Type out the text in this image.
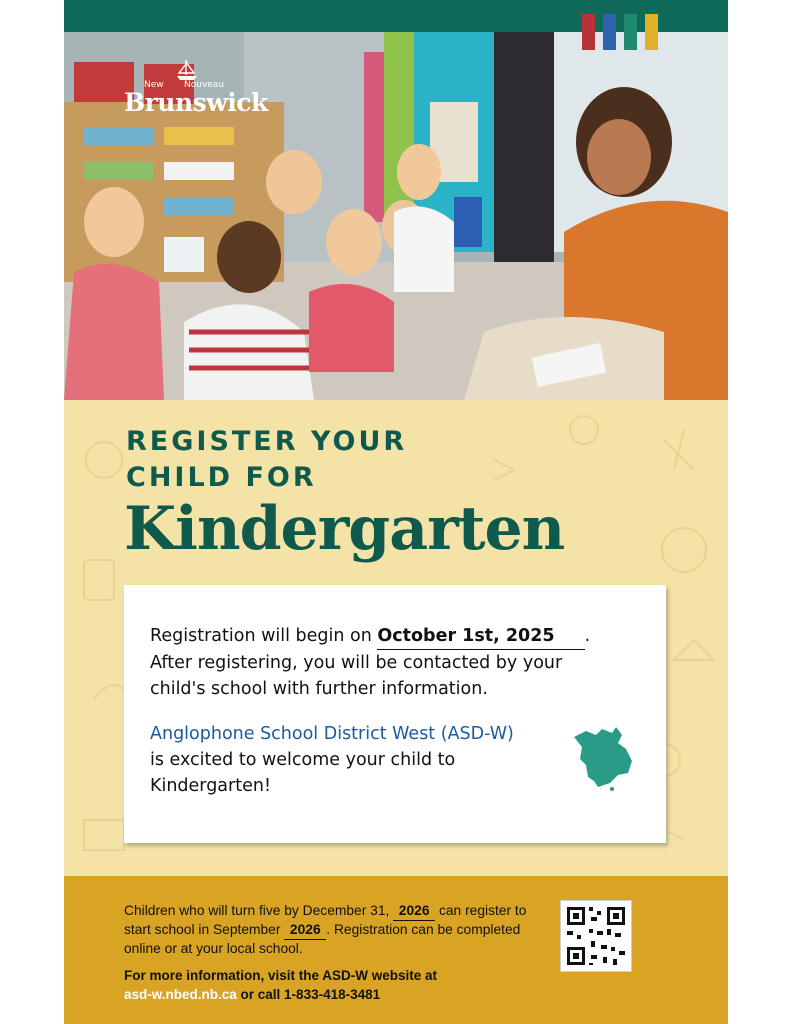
New Nouveau
Brunswick
REGISTER YOUR
CHILD FOR
Kindergarten

Registration will begin on October 1st, 2025 . After registering, you will be contacted by your child's school with further information.

Anglophone School District West (ASD-W)
is excited to welcome your child to Kindergarten!

Children who will turn five by December 31, 2026 can register to start school in September 2026 . Registration can be completed online or at your local school.
For more information, visit the ASD-W website at
asd-w.nbed.nb.ca or call 1-833-418-3481
